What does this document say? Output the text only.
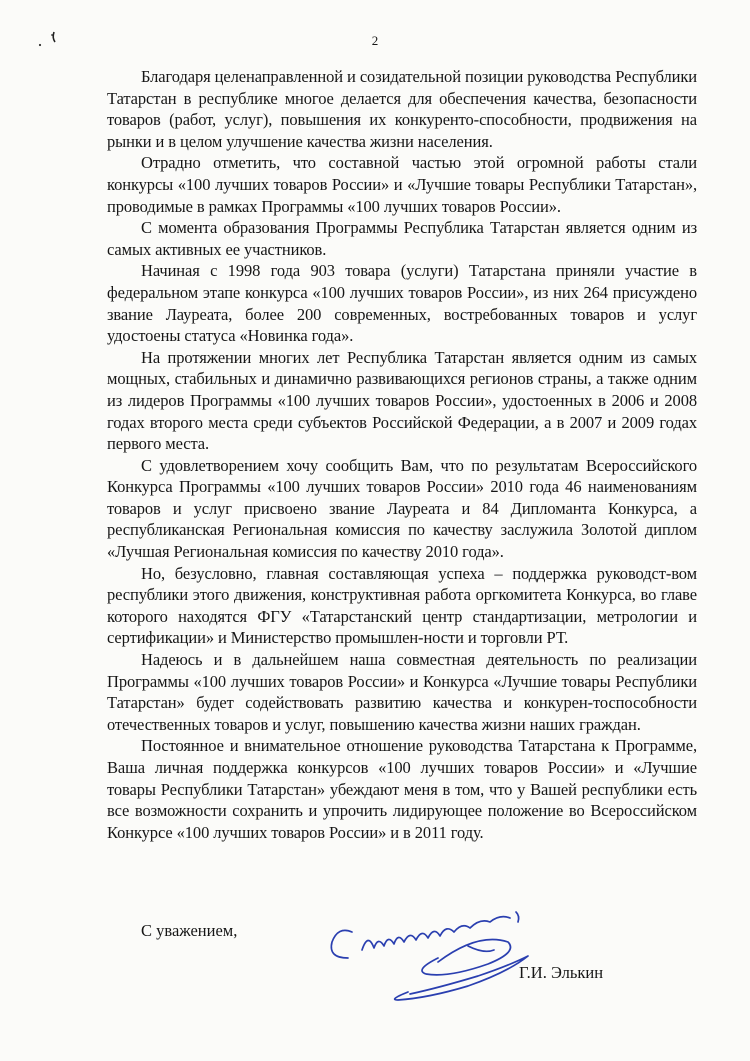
2

Благодаря целенаправленной и созидательной позиции руководства Республики Татарстан в республике многое делается для обеспечения качества, безопасности товаров (работ, услуг), повышения их конкуренто-способности, продвижения на рынки и в целом улучшение качества жизни населения.

Отрадно отметить, что составной частью этой огромной работы стали конкурсы «100 лучших товаров России» и «Лучшие товары Республики Татарстан», проводимые в рамках Программы «100 лучших товаров России».

С момента образования Программы Республика Татарстан является одним из самых активных ее участников.

Начиная с 1998 года 903 товара (услуги) Татарстана приняли участие в федеральном этапе конкурса «100 лучших товаров России», из них 264 присуждено звание Лауреата, более 200 современных, востребованных товаров и услуг удостоены статуса «Новинка года».

На протяжении многих лет Республика Татарстан является одним из самых мощных, стабильных и динамично развивающихся регионов страны, а также одним из лидеров Программы «100 лучших товаров России», удостоенных в 2006 и 2008 годах второго места среди субъектов Российской Федерации, а в 2007 и 2009 годах первого места.

С удовлетворением хочу сообщить Вам, что по результатам Всероссийского Конкурса Программы «100 лучших товаров России» 2010 года 46 наименованиям товаров и услуг присвоено звание Лауреата и 84 Дипломанта Конкурса, а республиканская Региональная комиссия по качеству заслужила Золотой диплом «Лучшая Региональная комиссия по качеству 2010 года».

Но, безусловно, главная составляющая успеха – поддержка руководст-вом республики этого движения, конструктивная работа оргкомитета Конкурса, во главе которого находятся ФГУ «Татарстанский центр стандартизации, метрологии и сертификации» и Министерство промышлен-ности и торговли РТ.

Надеюсь и в дальнейшем наша совместная деятельность по реализации Программы «100 лучших товаров России» и Конкурса «Лучшие товары Республики Татарстан» будет содействовать развитию качества и конкурен-тоспособности отечественных товаров и услуг, повышению качества жизни наших граждан.

Постоянное и внимательное отношение руководства Татарстана к Программе, Ваша личная поддержка конкурсов «100 лучших товаров России» и «Лучшие товары Республики Татарстан» убеждают меня в том, что у Вашей республики есть все возможности сохранить и упрочить лидирующее положение во Всероссийском Конкурсе «100 лучших товаров России» и в 2011 году.

С уважением,
Г.И. Элькин
